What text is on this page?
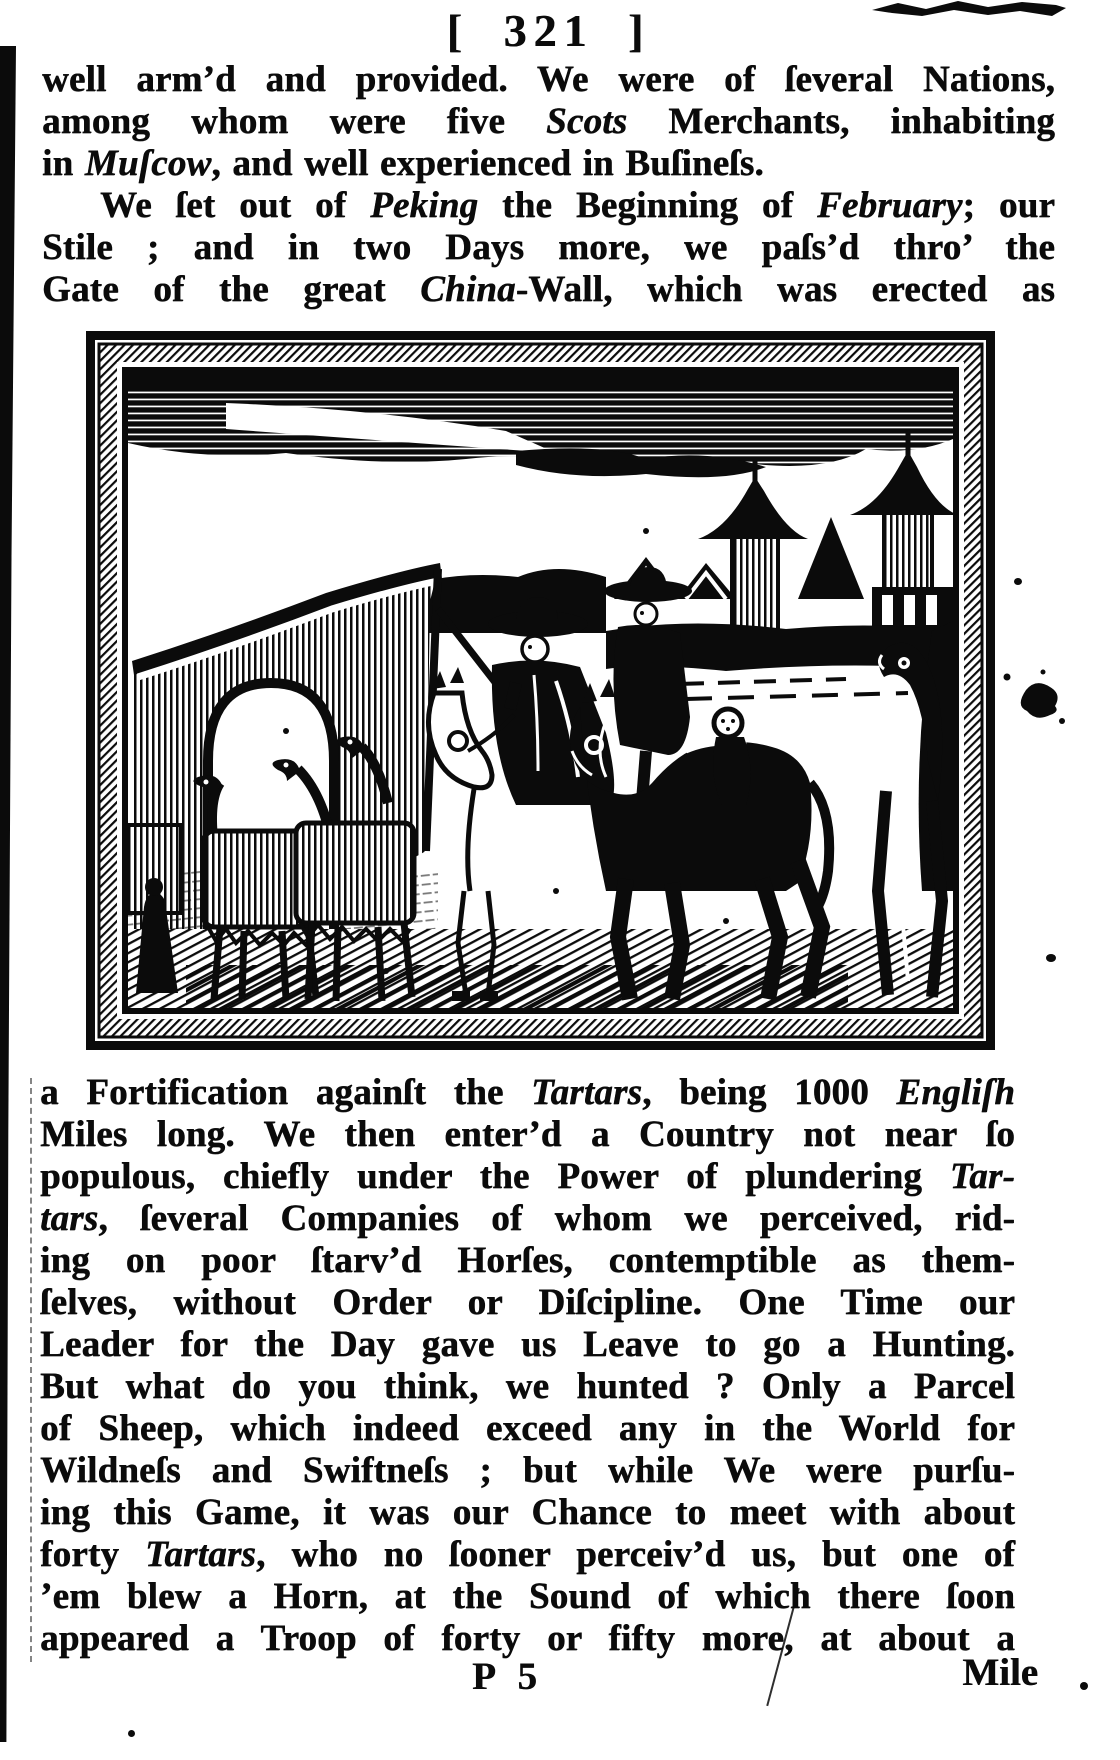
[ 321 ]
well arm’d and provided. We were of ſeveral Nations,
among whom were five Scots Merchants, inhabiting
in Muſcow, and well experienced in Buſineſs.
We ſet out of Peking the Beginning of February; our
Stile ; and in two Days more, we paſs’d thro’ the
Gate of the great China-Wall, which was erected as
a Fortification againſt the Tartars, being 1000 Engliſh
Miles long. We then enter’d a Country not near ſo
populous, chiefly under the Power of plundering Tar-
tars, ſeveral Companies of whom we perceived, rid-
ing on poor ſtarv’d Horſes, contemptible as them-
ſelves, without Order or Diſcipline. One Time our
Leader for the Day gave us Leave to go a Hunting.
But what do you think, we hunted ? Only a Parcel
of Sheep, which indeed exceed any in the World for
Wildneſs and Swiftneſs ; but while We were purſu-
ing this Game, it was our Chance to meet with about
forty Tartars, who no ſooner perceiv’d us, but one of
’em blew a Horn, at the Sound of which there ſoon
appeared a Troop of forty or fifty more, at about a
P 5	Mile
